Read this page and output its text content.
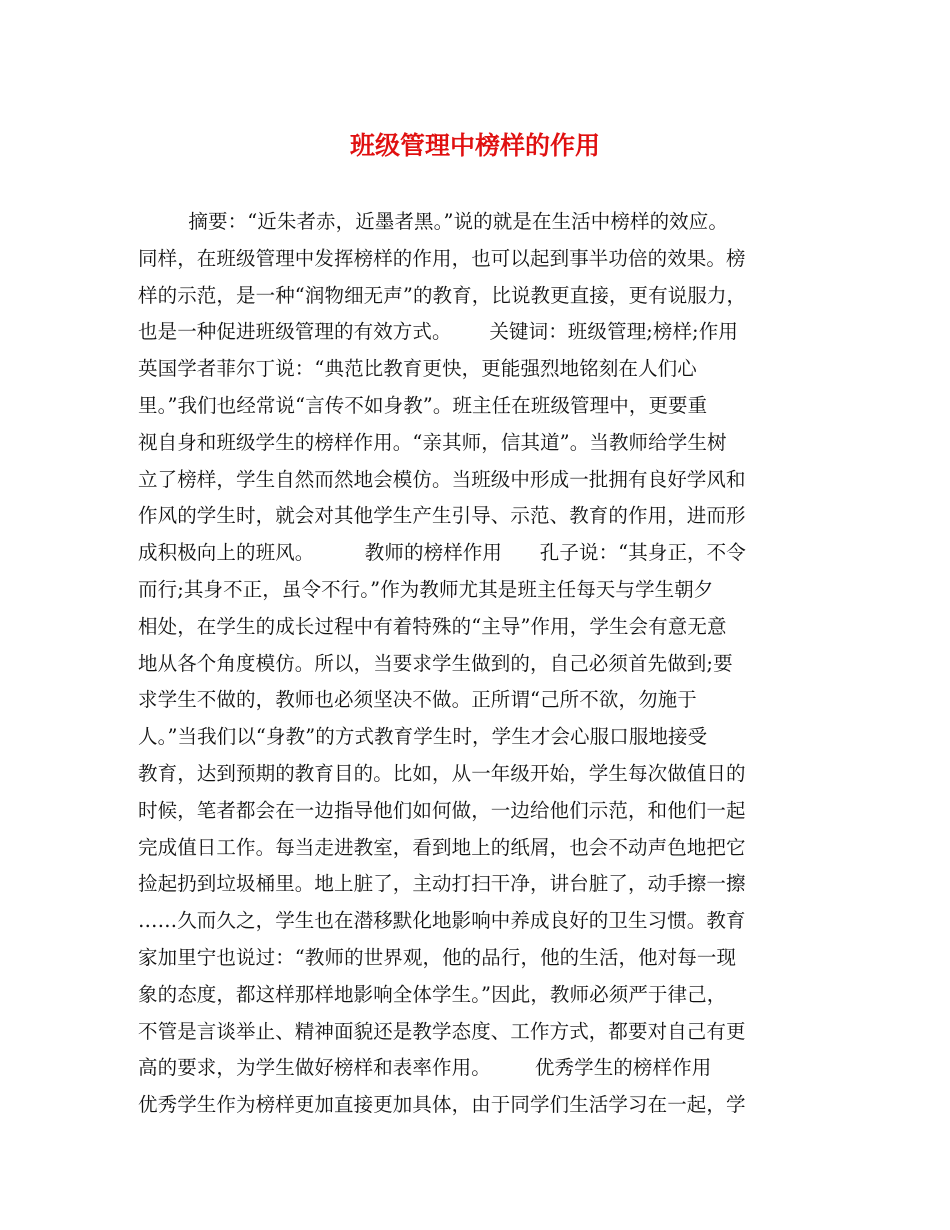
班级管理中榜样的作用
摘要：“近朱者赤，近墨者黑。”说的就是在生活中榜样的效应。
同样，在班级管理中发挥榜样的作用，也可以起到事半功倍的效果。榜
样的示范，是一种“润物细无声”的教育，比说教更直接，更有说服力，
也是一种促进班级管理的有效方式。      关键词：班级管理;榜样;作用
英国学者菲尔丁说：“典范比教育更快，更能强烈地铭刻在人们心
里。”我们也经常说“言传不如身教”。班主任在班级管理中，更要重
视自身和班级学生的榜样作用。“亲其师，信其道”。当教师给学生树
立了榜样，学生自然而然地会模仿。当班级中形成一批拥有良好学风和
作风的学生时，就会对其他学生产生引导、示范、教育的作用，进而形
成积极向上的班风。        教师的榜样作用      孔子说：“其身正，不令
而行;其身不正，虽令不行。”作为教师尤其是班主任每天与学生朝夕
相处，在学生的成长过程中有着特殊的“主导”作用，学生会有意无意
地从各个角度模仿。所以，当要求学生做到的，自己必须首先做到;要
求学生不做的，教师也必须坚决不做。正所谓“己所不欲，勿施于
人。”当我们以“身教”的方式教育学生时，学生才会心服口服地接受
教育，达到预期的教育目的。比如，从一年级开始，学生每次做值日的
时候，笔者都会在一边指导他们如何做，一边给他们示范，和他们一起
完成值日工作。每当走进教室，看到地上的纸屑，也会不动声色地把它
捡起扔到垃圾桶里。地上脏了，主动打扫干净，讲台脏了，动手擦一擦
……久而久之，学生也在潜移默化地影响中养成良好的卫生习惯。教育
家加里宁也说过：“教师的世界观，他的品行，他的生活，他对每一现
象的态度，都这样那样地影响全体学生。”因此，教师必须严于律己，
不管是言谈举止、精神面貌还是教学态度、工作方式，都要对自己有更
高的要求，为学生做好榜样和表率作用。       优秀学生的榜样作用
优秀学生作为榜样更加直接更加具体，由于同学们生活学习在一起，学
